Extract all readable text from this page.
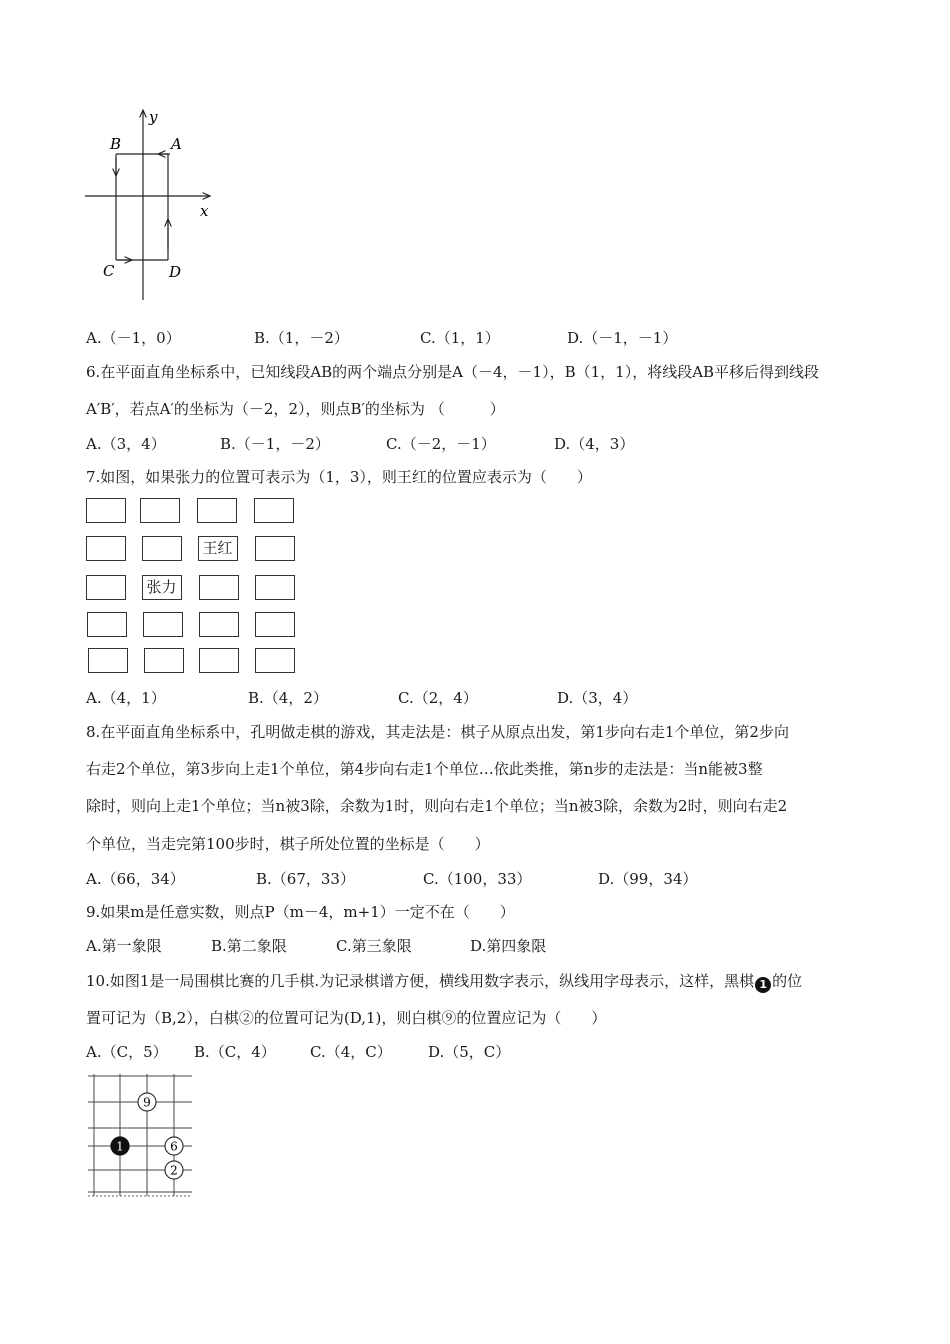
y
x
B	A
C	D
A.（－1，0）	B.（1，－2）	C.（1，1）	D.（－1，－1）
6.在平面直角坐标系中，已知线段AB的两个端点分别是A（－4，－1），B（1，1），将线段AB平移后得到线段
A′B′，若点A′的坐标为（－2，2），则点B′的坐标为 （　　　）
A.（3，4）	B.（－1，－2）	C.（－2，－1）	D.（4，3）
7.如图，如果张力的位置可表示为（1，3），则王红的位置应表示为（　　）
王红
张力
A.（4，1）	B.（4，2）	C.（2，4）	D.（3，4）
8.在平面直角坐标系中，孔明做走棋的游戏，其走法是：棋子从原点出发，第1步向右走1个单位，第2步向
右走2个单位，第3步向上走1个单位，第4步向右走1个单位…依此类推，第n步的走法是：当n能被3整
除时，则向上走1个单位；当n被3除，余数为1时，则向右走1个单位；当n被3除，余数为2时，则向右走2
个单位，当走完第100步时，棋子所处位置的坐标是（　　）
A.（66，34）	B.（67，33）	C.（100，33）	D.（99，34）
9.如果m是任意实数，则点P（m－4，m+1）一定不在（　　）
A.第一象限	B.第二象限	C.第三象限	D.第四象限
10.如图1是一局围棋比赛的几手棋.为记录棋谱方便，横线用数字表示，纵线用字母表示，这样，黑棋 1 的位
置可记为（B,2），白棋②的位置可记为(D,1)，则白棋⑨的位置应记为（　　）
A.（C，5） B.（C，4） C.（4，C） D.（5，C）
9
1	6
2
